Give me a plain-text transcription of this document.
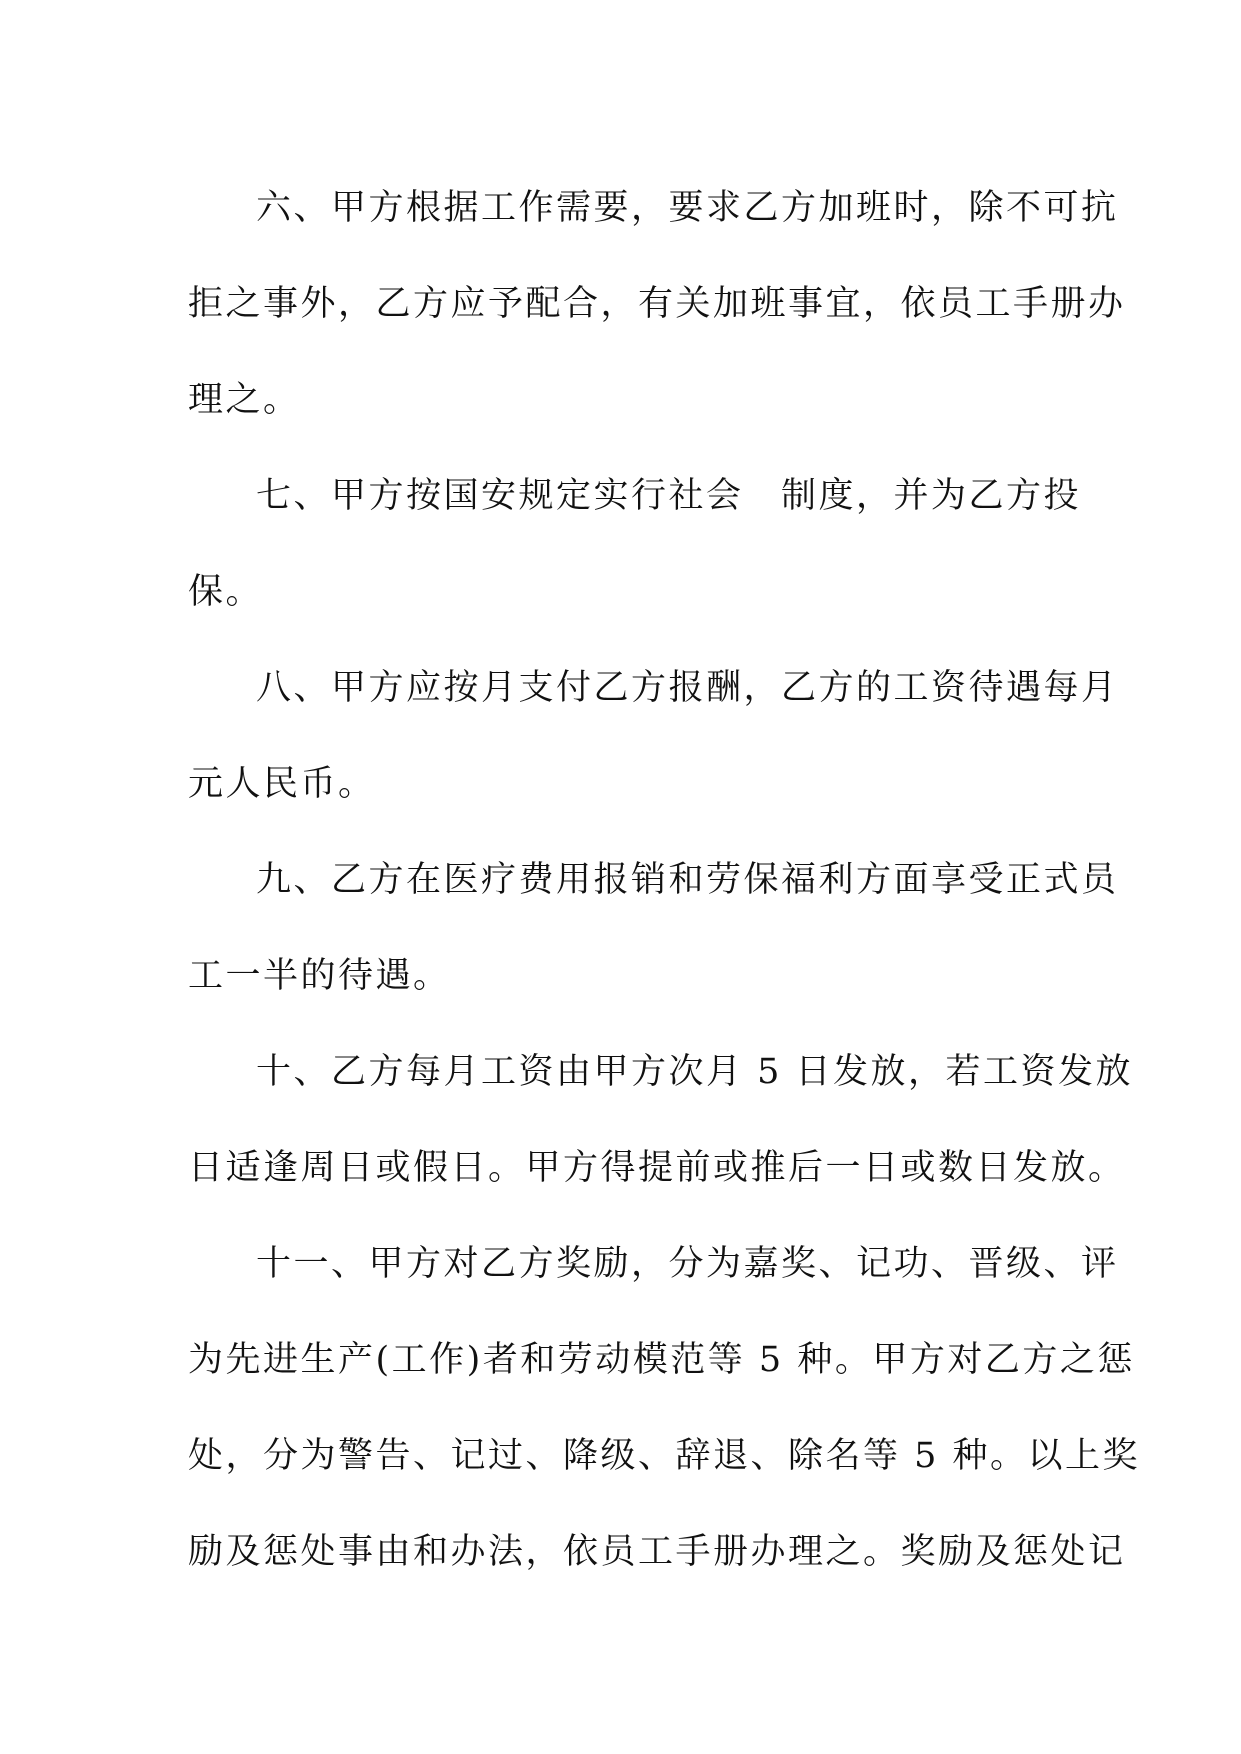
六、甲方根据工作需要，要求乙方加班时，除不可抗
拒之事外，乙方应予配合，有关加班事宜，依员工手册办
理之。
七、甲方按国安规定实行社会　制度，并为乙方投
保。
八、甲方应按月支付乙方报酬，乙方的工资待遇每月
元人民币。
九、乙方在医疗费用报销和劳保福利方面享受正式员
工一半的待遇。
十、乙方每月工资由甲方次月 5 日发放，若工资发放
日适逢周日或假日。甲方得提前或推后一日或数日发放。
十一、甲方对乙方奖励，分为嘉奖、记功、晋级、评
为先进生产(工作)者和劳动模范等 5 种。甲方对乙方之惩
处，分为警告、记过、降级、辞退、除名等 5 种。以上奖
励及惩处事由和办法，依员工手册办理之。奖励及惩处记
